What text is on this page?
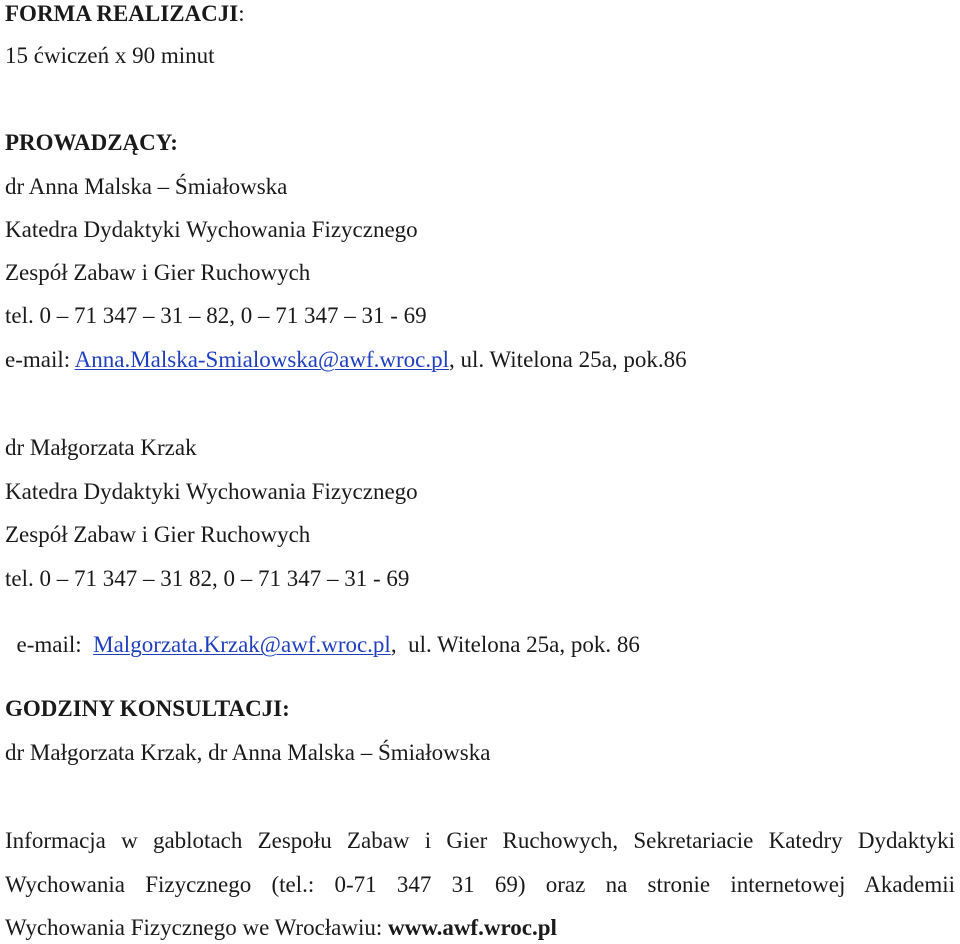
FORMA REALIZACJI:
15 ćwiczeń x 90 minut
PROWADZĄCY:
dr Anna Malska – Śmiałowska
Katedra Dydaktyki Wychowania Fizycznego
Zespół Zabaw i Gier Ruchowych
tel. 0 – 71 347 – 31 – 82, 0 – 71 347 – 31 - 69
e-mail: Anna.Malska-Smialowska@awf.wroc.pl, ul. Witelona 25a, pok.86
dr Małgorzata Krzak
Katedra Dydaktyki Wychowania Fizycznego
Zespół Zabaw i Gier Ruchowych
tel. 0 – 71 347 – 31 82, 0 – 71 347 – 31 - 69

e-mail:  Malgorzata.Krzak@awf.wroc.pl,  ul. Witelona 25a, pok. 86

GODZINY KONSULTACJI:
dr Małgorzata Krzak, dr Anna Malska – Śmiałowska
Informacja w gablotach Zespołu Zabaw i Gier Ruchowych, Sekretariacie Katedry Dydaktyki
Wychowania Fizycznego (tel.: 0-71 347 31 69) oraz na stronie internetowej Akademii
Wychowania Fizycznego we Wrocławiu: www.awf.wroc.pl
